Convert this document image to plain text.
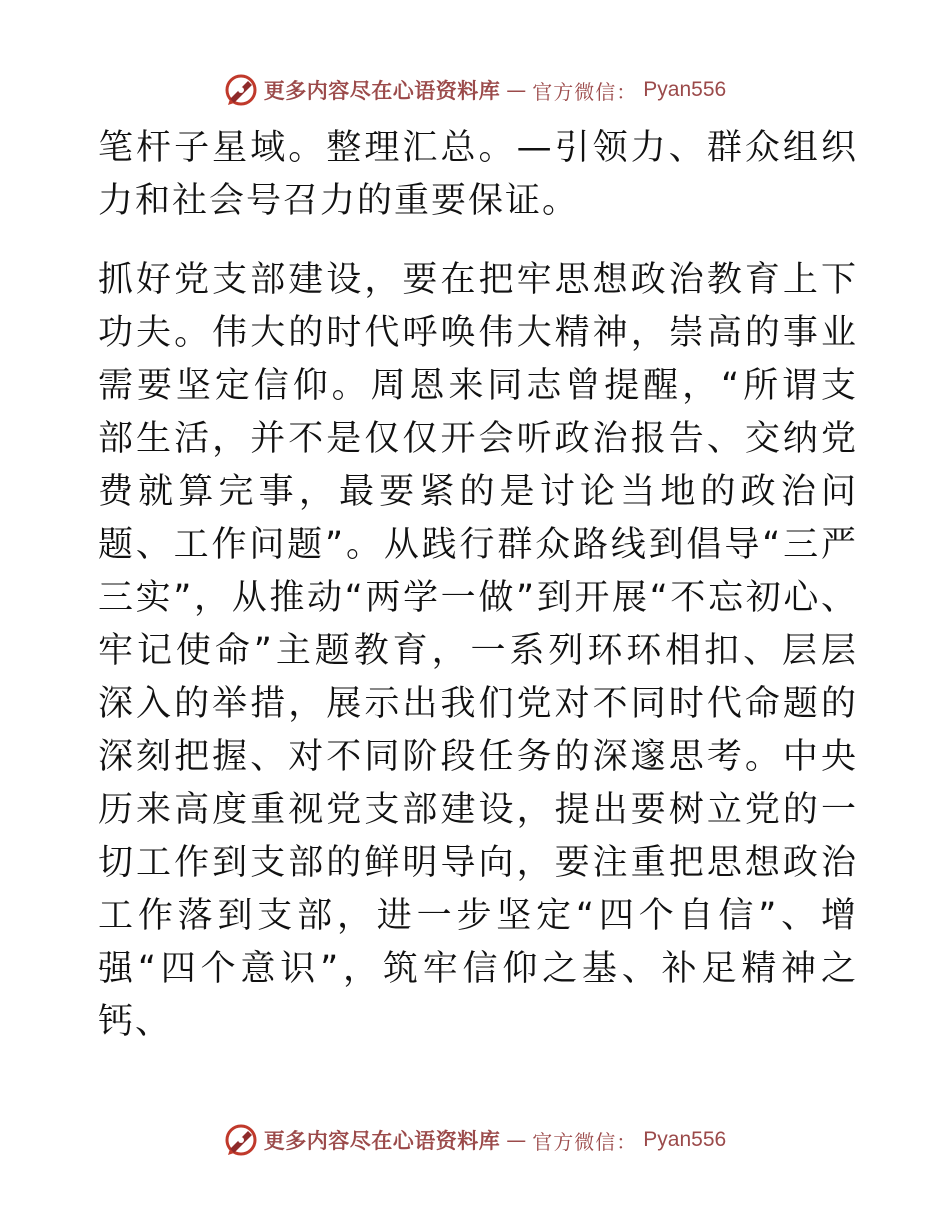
更多内容尽在心语资料库 — 官方微信： Pyan556

笔杆子星域。整理汇总。—引领力、群众组织力和社会号召力的重要保证。

抓好党支部建设，要在把牢思想政治教育上下功夫。伟大的时代呼唤伟大精神，崇高的事业需要坚定信仰。周恩来同志曾提醒，“所谓支部生活，并不是仅仅开会听政治报告、交纳党费就算完事，最要紧的是讨论当地的政治问题、工作问题”。从践行群众路线到倡导“三严三实”，从推动“两学一做”到开展“不忘初心、牢记使命”主题教育，一系列环环相扣、层层深入的举措，展示出我们党对不同时代命题的深刻把握、对不同阶段任务的深邃思考。中央历来高度重视党支部建设，提出要树立党的一切工作到支部的鲜明导向，要注重把思想政治工作落到支部，进一步坚定“四个自信”、增强“四个意识”，筑牢信仰之基、补足精神之钙、

更多内容尽在心语资料库 — 官方微信： Pyan556
